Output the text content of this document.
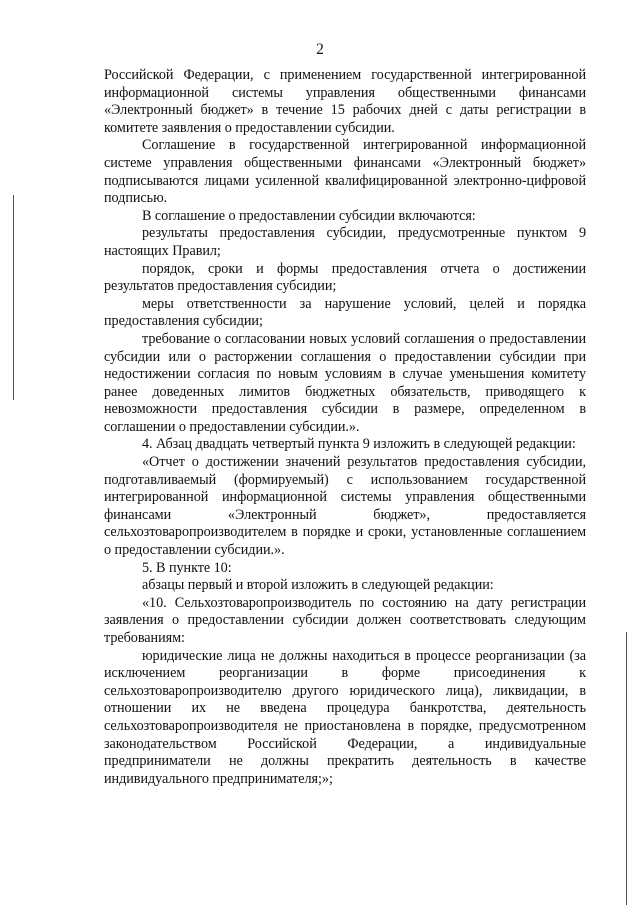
2

Российской Федерации, с применением государственной интегрированной информационной системы управления общественными финансами «Электронный бюджет» в течение 15 рабочих дней с даты регистрации в комитете заявления о предоставлении субсидии.

Соглашение в государственной интегрированной информационной системе управления общественными финансами «Электронный бюджет» подписываются лицами усиленной квалифицированной электронно-цифровой подписью.

В соглашение о предоставлении субсидии включаются:

результаты предоставления субсидии, предусмотренные пунктом 9 настоящих Правил;

порядок, сроки и формы предоставления отчета о достижении результатов предоставления субсидии;

меры ответственности за нарушение условий, целей и порядка предоставления субсидии;

требование о согласовании новых условий соглашения о предоставлении субсидии или о расторжении соглашения о предоставлении субсидии при недостижении согласия по новым условиям в случае уменьшения комитету ранее доведенных лимитов бюджетных обязательств, приводящего к невозможности предоставления субсидии в размере, определенном в соглашении о предоставлении субсидии.».

4. Абзац двадцать четвертый пункта 9 изложить в следующей редакции:

«Отчет о достижении значений результатов предоставления субсидии, подготавливаемый (формируемый) с использованием государственной интегрированной информационной системы управления общественными финансами «Электронный бюджет», предоставляется сельхозтоваропроизводителем в порядке и сроки, установленные соглашением о предоставлении субсидии.».

5. В пункте 10:

абзацы первый и второй изложить в следующей редакции:

«10. Сельхозтоваропроизводитель по состоянию на дату регистрации заявления о предоставлении субсидии должен соответствовать следующим требованиям:

юридические лица не должны находиться в процессе реорганизации (за исключением реорганизации в форме присоединения к сельхозтоваропроизводителю другого юридического лица), ликвидации, в отношении их не введена процедура банкротства, деятельность сельхозтоваропроизводителя не приостановлена в порядке, предусмотренном законодательством Российской Федерации, а индивидуальные предприниматели не должны прекратить деятельность в качестве индивидуального предпринимателя;»;
